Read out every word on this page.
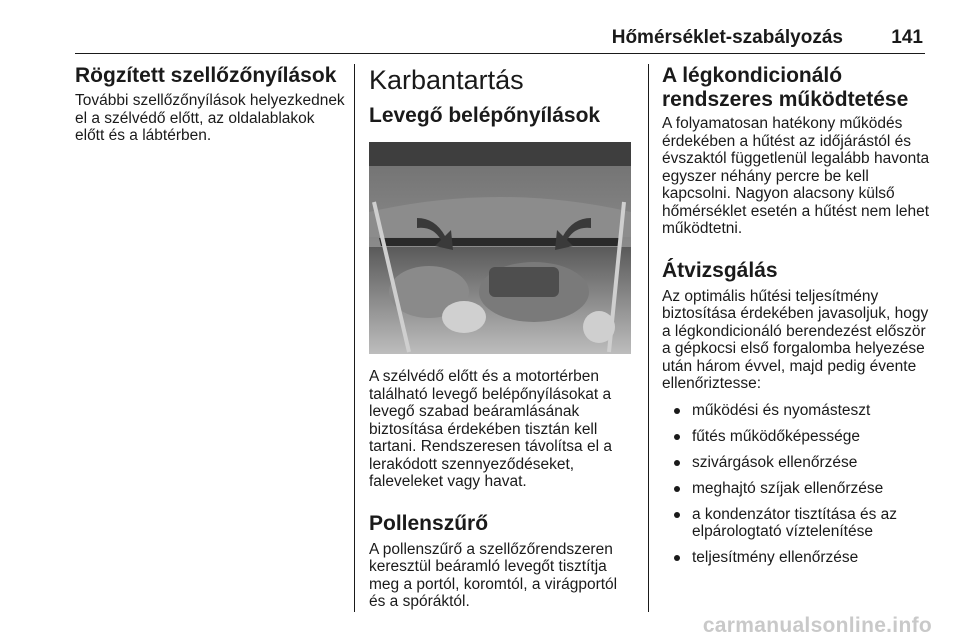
Hőmérséklet-szabályozás	141
Rögzített szellőzőnyílások

További szellőzőnyílások helyezkednek el a szélvédő előtt, az oldalablakok előtt és a lábtérben.

Karbantartás
Levegő belépőnyílások

A szélvédő előtt és a motortérben található levegő belépőnyílásokat a levegő szabad beáramlásának biztosítása érdekében tisztán kell tartani. Rendszeresen távolítsa el a lerakódott szennyeződéseket, faleveleket vagy havat.

Pollenszűrő

A pollenszűrő a szellőzőrendszeren keresztül beáramló levegőt tisztítja meg a portól, koromtól, a virágportól és a spóráktól.

A légkondicionáló rendszeres működtetése

A folyamatosan hatékony működés érdekében a hűtést az időjárástól és évszaktól függetlenül legalább havonta egyszer néhány percre be kell kapcsolni. Nagyon alacsony külső hőmérséklet esetén a hűtést nem lehet működtetni.

Átvizsgálás

Az optimális hűtési teljesítmény biztosítása érdekében javasoljuk, hogy a légkondicionáló berendezést először a gépkocsi első forgalomba helyezése után három évvel, majd pedig évente ellenőriztesse:

működési és nyomásteszt
fűtés működőképessége
szivárgások ellenőrzése
meghajtó szíjak ellenőrzése
a kondenzátor tisztítása és az elpárologtató víztelenítése
teljesítmény ellenőrzése
carmanualsonline.info
